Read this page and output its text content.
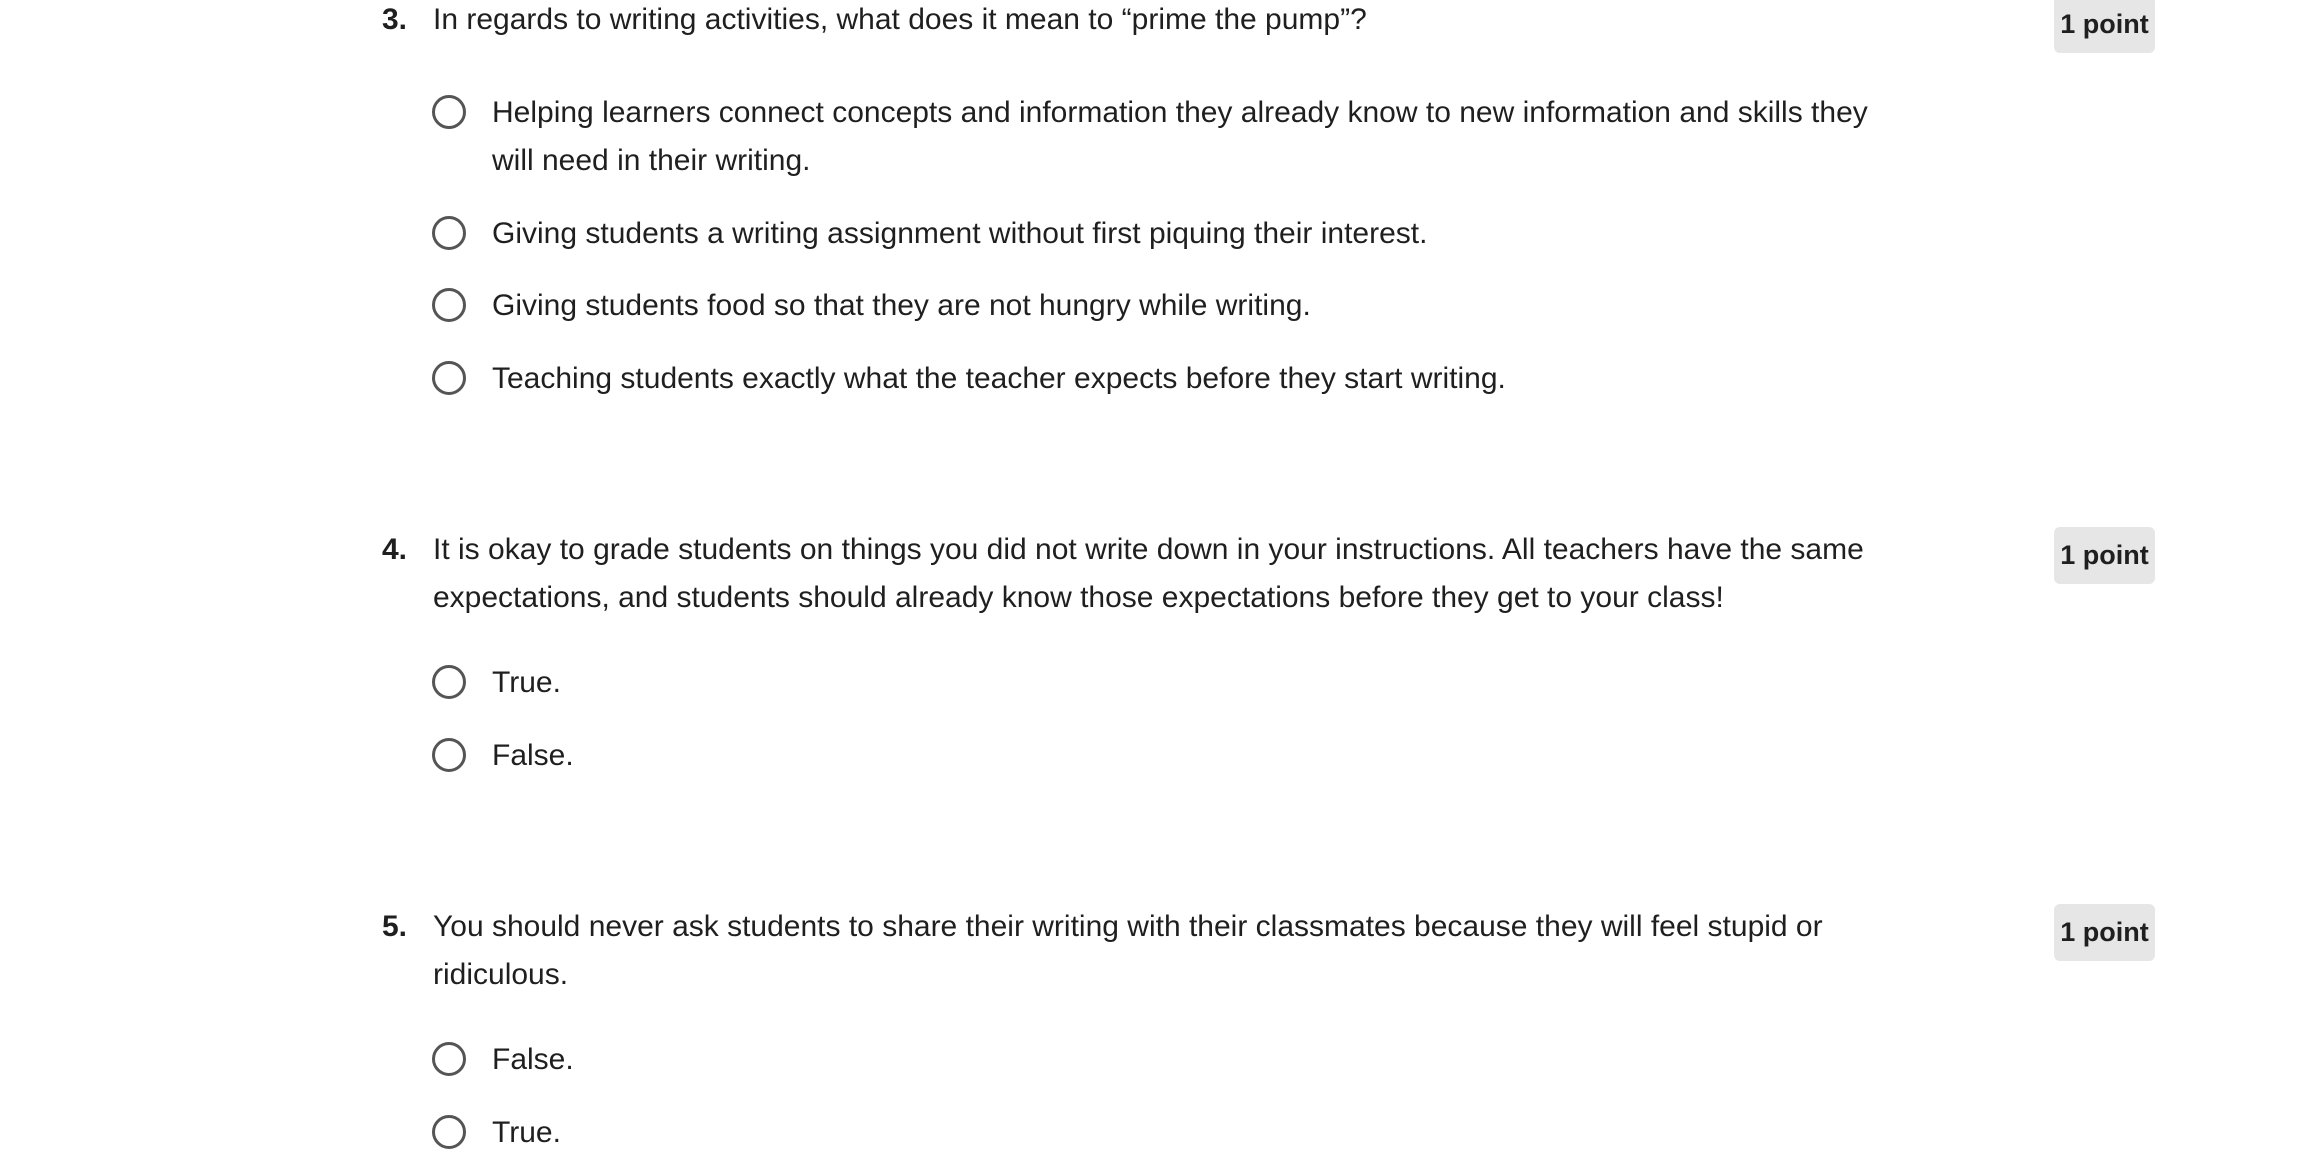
3. In regards to writing activities, what does it mean to “prime the pump”?	1 point
Helping learners connect concepts and information they already know to new information and skills they will need in their writing.
Giving students a writing assignment without first piquing their interest.
Giving students food so that they are not hungry while writing.
Teaching students exactly what the teacher expects before they start writing.
4. It is okay to grade students on things you did not write down in your instructions. All teachers have the same expectations, and students should already know those expectations before they get to your class!
1 point
True.
False.
5. You should never ask students to share their writing with their classmates because they will feel stupid or ridiculous.
1 point
False.
True.
